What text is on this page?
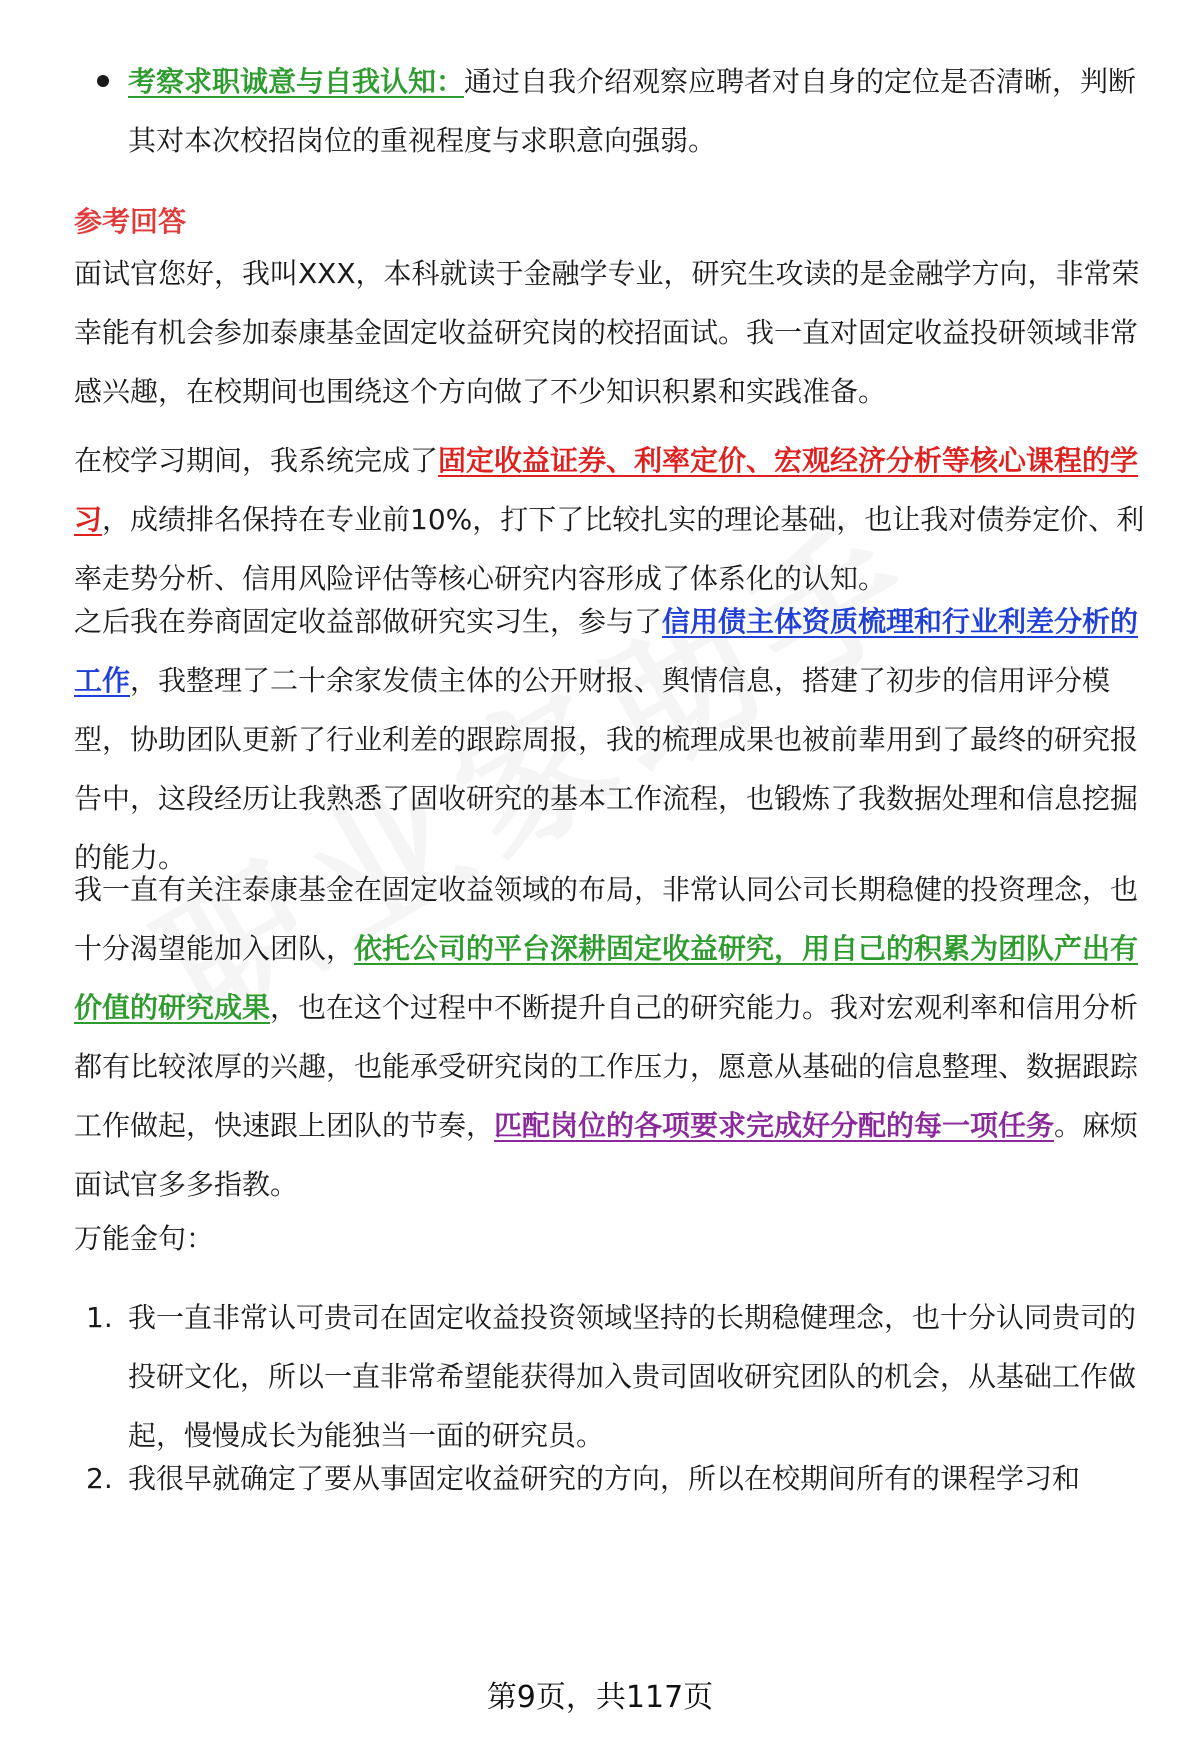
考察求职诚意与自我认知：通过自我介绍观察应聘者对自身的定位是否清晰，判断其对本次校招岗位的重视程度与求职意向强弱。
参考回答
面试官您好，我叫XXX，本科就读于金融学专业，研究生攻读的是金融学方向，非常荣幸能有机会参加泰康基金固定收益研究岗的校招面试。我一直对固定收益投研领域非常感兴趣，在校期间也围绕这个方向做了不少知识积累和实践准备。
在校学习期间，我系统完成了固定收益证券、利率定价、宏观经济分析等核心课程的学习，成绩排名保持在专业前10%，打下了比较扎实的理论基础，也让我对债券定价、利率走势分析、信用风险评估等核心研究内容形成了体系化的认知。
之后我在券商固定收益部做研究实习生，参与了信用债主体资质梳理和行业利差分析的工作，我整理了二十余家发债主体的公开财报、舆情信息，搭建了初步的信用评分模型，协助团队更新了行业利差的跟踪周报，我的梳理成果也被前辈用到了最终的研究报告中，这段经历让我熟悉了固收研究的基本工作流程，也锻炼了我数据处理和信息挖掘的能力。
我一直有关注泰康基金在固定收益领域的布局，非常认同公司长期稳健的投资理念，也十分渴望能加入团队，依托公司的平台深耕固定收益研究，用自己的积累为团队产出有价值的研究成果，也在这个过程中不断提升自己的研究能力。我对宏观利率和信用分析都有比较浓厚的兴趣，也能承受研究岗的工作压力，愿意从基础的信息整理、数据跟踪工作做起，快速跟上团队的节奏，匹配岗位的各项要求完成好分配的每一项任务。麻烦面试官多多指教。
万能金句：
1. 我一直非常认可贵司在固定收益投资领域坚持的长期稳健理念，也十分认同贵司的投研文化，所以一直非常希望能获得加入贵司固收研究团队的机会，从基础工作做起，慢慢成长为能独当一面的研究员。
2. 我很早就确定了要从事固定收益研究的方向，所以在校期间所有的课程学习和
第9页，共117页
